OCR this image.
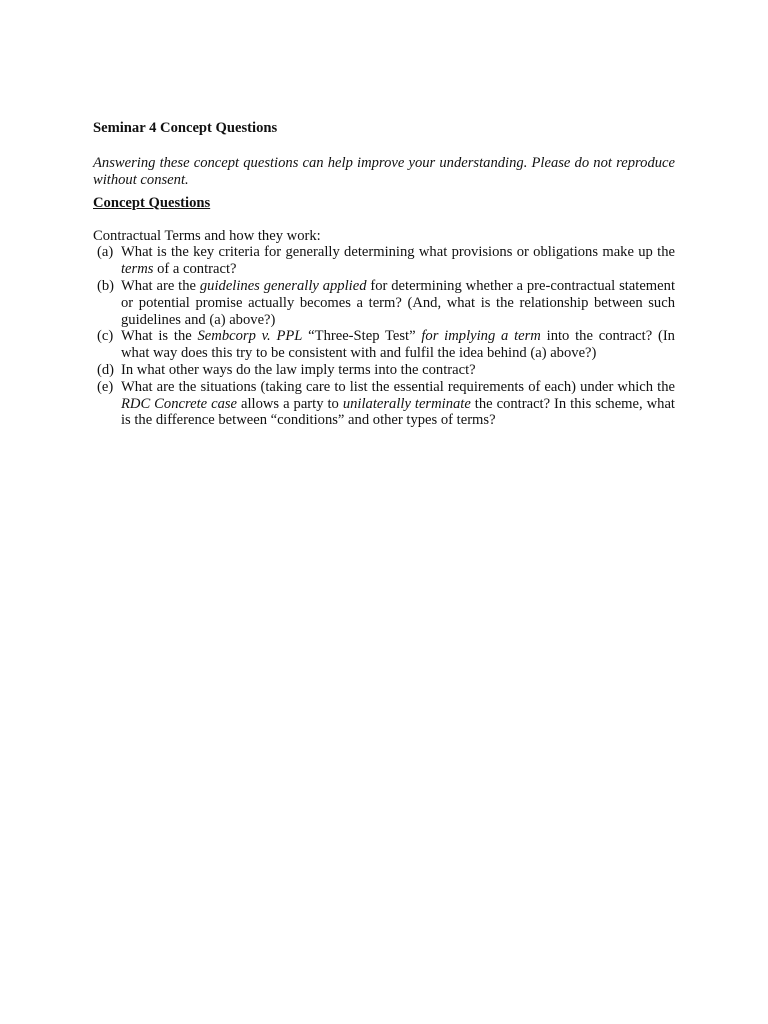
Seminar 4 Concept Questions

Answering these concept questions can help improve your understanding. Please do not reproduce without consent.

Concept Questions
Contractual Terms and how they work:
(a) What is the key criteria for generally determining what provisions or obligations make up the terms of a contract?
(b) What are the guidelines generally applied for determining whether a pre-contractual statement or potential promise actually becomes a term? (And, what is the relationship between such guidelines and (a) above?)
(c) What is the Sembcorp v. PPL “Three-Step Test” for implying a term into the contract? (In what way does this try to be consistent with and fulfil the idea behind (a) above?)
(d) In what other ways do the law imply terms into the contract?
(e) What are the situations (taking care to list the essential requirements of each) under which the RDC Concrete case allows a party to unilaterally terminate the contract? In this scheme, what is the difference between “conditions” and other types of terms?
